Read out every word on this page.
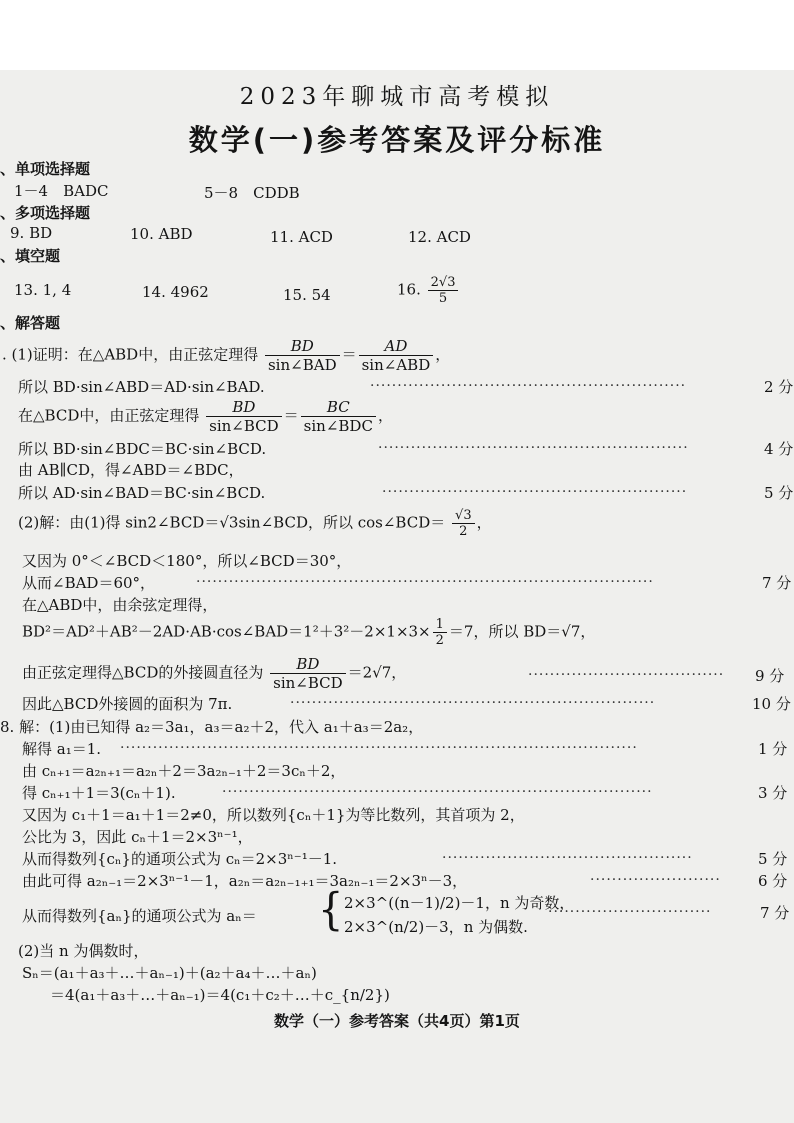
2023年聊城市高考模拟
数学(一)参考答案及评分标准
、单项选择题
1－4　BADC	5－8　CDDB
、多项选择题
9. BD	10. ABD	11. ACD	12. ACD
、填空题
13. 1, 4	14. 4962	15. 54	16. $\frac{2√3}{5}$
、解答题
. (1)证明：在△ABD中，由正弦定理得 $\frac{BD}{\text{sin∠BAD}} = \frac{AD}{\text{sin∠ABD}}$ ，
所以 BD·sin∠ABD＝AD·sin∠BAD.	··························································	2 分
在△BCD中，由正弦定理得 $\frac{BD}{\text{sin∠BCD}} = \frac{BC}{\text{sin∠BDC}}$ ，
所以 BD·sin∠BDC＝BC·sin∠BCD.	·························································	4 分
由 AB∥CD，得∠ABD＝∠BDC，
所以 AD·sin∠BAD＝BC·sin∠BCD.	························································	5 分
(2)解：由(1)得 sin2∠BCD＝√3sin∠BCD，所以 cos∠BCD＝ $\frac{√3}{2}$ ，
又因为 0°＜∠BCD＜180°，所以∠BCD＝30°，
从而∠BAD＝60°，	····················································································	7 分
在△ABD中，由余弦定理得，
BD²＝AD²＋AB²－2AD·AB·cos∠BAD＝1²＋3²－2×1×3× $\frac{1}{2} =7$，所以 BD＝√7，
由正弦定理得△BCD的外接圆直径为 $\frac{BD}{\text{sin∠BCD}} =2√7$，	····································	9 分
因此△BCD外接圆的面积为 7π.	···································································	10 分
8. 解：(1)由已知得 a₂＝3a₁，a₃＝a₂＋2，代入 a₁＋a₃＝2a₂，
解得 a₁＝1. ·······························································································	1 分
由 cₙ₊₁＝a₂ₙ₊₁＝a₂ₙ＋2＝3a₂ₙ₋₁＋2＝3cₙ＋2，
得 cₙ₊₁＋1＝3(cₙ＋1).	···············································································	3 分
又因为 c₁＋1＝a₁＋1＝2≠0，所以数列{cₙ＋1}为等比数列，其首项为 2，
公比为 3，因此 cₙ＋1＝2×3ⁿ⁻¹，
从而得数列{cₙ}的通项公式为 cₙ＝2×3ⁿ⁻¹－1.	··············································	5 分
由此可得 a₂ₙ₋₁＝2×3ⁿ⁻¹－1，a₂ₙ＝a₂ₙ₋₁₊₁＝3a₂ₙ₋₁＝2×3ⁿ－3，	························	6 分
从而得数列{aₙ}的通项公式为 aₙ＝ { 2×3^((n－1)/2)－1，n 为奇数，
2×3^(n/2)－3，n 为偶数.
······························	7 分
(2)当 n 为偶数时，
Sₙ＝(a₁＋a₃＋…＋aₙ₋₁)＋(a₂＋a₄＋…＋aₙ)
＝4(a₁＋a₃＋…＋aₙ₋₁)＝4(c₁＋c₂＋…＋c_{n/2})
数学（一）参考答案（共4页）第1页
